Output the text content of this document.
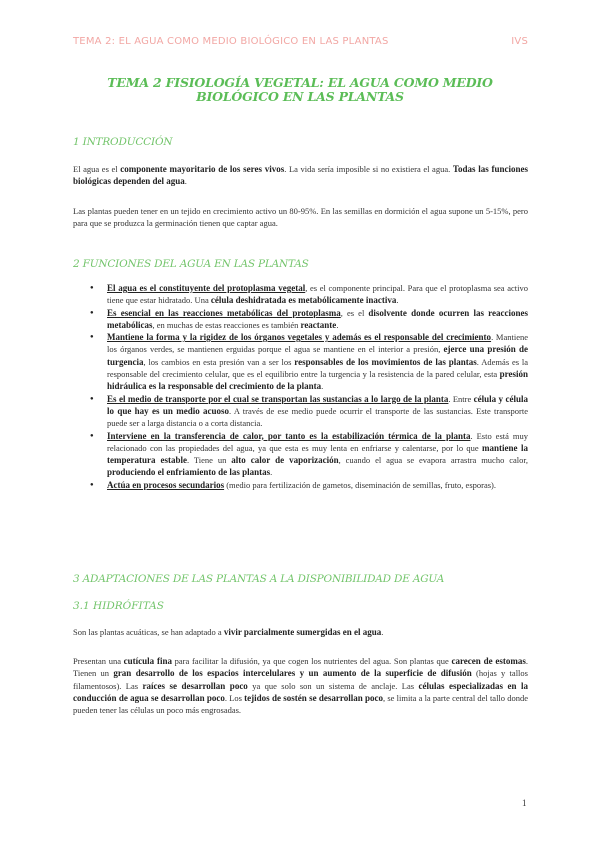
TEMA 2: EL AGUA COMO MEDIO BIOLÓGICO EN LAS PLANTAS	IVS
TEMA 2 FISIOLOGÍA VEGETAL: EL AGUA COMO MEDIO BIOLÓGICO EN LAS PLANTAS
1 INTRODUCCIÓN
El agua es el componente mayoritario de los seres vivos. La vida sería imposible si no existiera el agua. Todas las funciones biológicas dependen del agua.
Las plantas pueden tener en un tejido en crecimiento activo un 80-95%. En las semillas en dormición el agua supone un 5-15%, pero para que se produzca la germinación tienen que captar agua.
2 FUNCIONES DEL AGUA EN LAS PLANTAS
● El agua es el constituyente del protoplasma vegetal, es el componente principal. Para que el protoplasma sea activo tiene que estar hidratado. Una célula deshidratada es metabólicamente inactiva.
● Es esencial en las reacciones metabólicas del protoplasma, es el disolvente donde ocurren las reacciones metabólicas, en muchas de estas reacciones es también reactante.
● Mantiene la forma y la rigidez de los órganos vegetales y además es el responsable del crecimiento. Mantiene los órganos verdes, se mantienen erguidas porque el agua se mantiene en el interior a presión, ejerce una presión de turgencia, los cambios en esta presión van a ser los responsables de los movimientos de las plantas. Además es la responsable del crecimiento celular, que es el equilibrio entre la turgencia y la resistencia de la pared celular, esta presión hidráulica es la responsable del crecimiento de la planta.
● Es el medio de transporte por el cual se transportan las sustancias a lo largo de la planta. Entre célula y célula lo que hay es un medio acuoso. A través de ese medio puede ocurrir el transporte de las sustancias. Este transporte puede ser a larga distancia o a corta distancia.
● Interviene en la transferencia de calor, por tanto es la estabilización térmica de la planta. Esto está muy relacionado con las propiedades del agua, ya que esta es muy lenta en enfriarse y calentarse, por lo que mantiene la temperatura estable. Tiene un alto calor de vaporización, cuando el agua se evapora arrastra mucho calor, produciendo el enfriamiento de las plantas.
● Actúa en procesos secundarios (medio para fertilización de gametos, diseminación de semillas, fruto, esporas).
3 ADAPTACIONES DE LAS PLANTAS A LA DISPONIBILIDAD DE AGUA
3.1 HIDRÓFITAS
Son las plantas acuáticas, se han adaptado a vivir parcialmente sumergidas en el agua.
Presentan una cutícula fina para facilitar la difusión, ya que cogen los nutrientes del agua. Son plantas que carecen de estomas. Tienen un gran desarrollo de los espacios intercelulares y un aumento de la superficie de difusión (hojas y tallos filamentosos). Las raíces se desarrollan poco ya que solo son un sistema de anclaje. Las células especializadas en la conducción de agua se desarrollan poco. Los tejidos de sostén se desarrollan poco, se limita a la parte central del tallo donde pueden tener las células un poco más engrosadas.
1
